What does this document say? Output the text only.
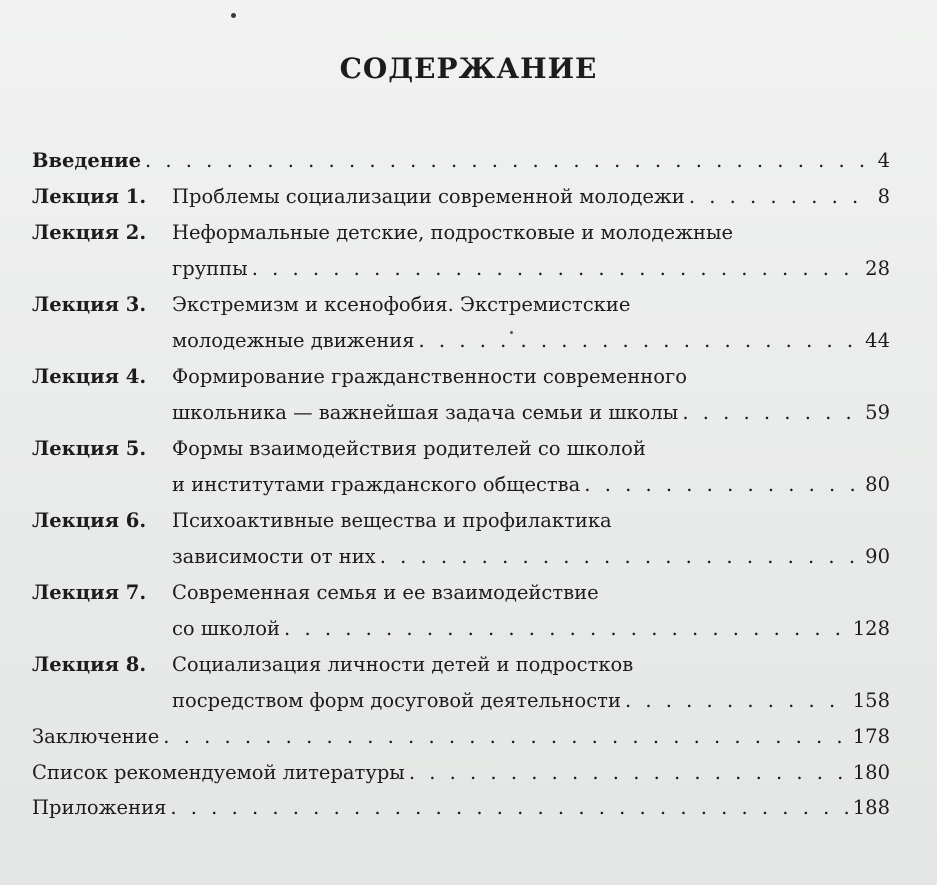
СОДЕРЖАНИЕ
Введение . . .	4
Лекция 1.	Проблемы социализации современной молодежи . . .	8
Лекция 2.	Неформальные детские, подростковые и молодежные
группы . . .	28
Лекция 3.	Экстремизм и ксенофобия. Экстремистские
молодежные движения . . .	44
Лекция 4.	Формирование гражданственности современного
школьника — важнейшая задача семьи и школы . . .	59
Лекция 5.	Формы взаимодействия родителей со школой
и институтами гражданского общества . . .	80
Лекция 6.	Психоактивные вещества и профилактика
зависимости от них . . .	90
Лекция 7.	Современная семья и ее взаимодействие
со школой . . .	128
Лекция 8.	Социализация личности детей и подростков
посредством форм досуговой деятельности . . .	158
Заключение . . .	178
Список рекомендуемой литературы . . .	180
Приложения . . .	188
